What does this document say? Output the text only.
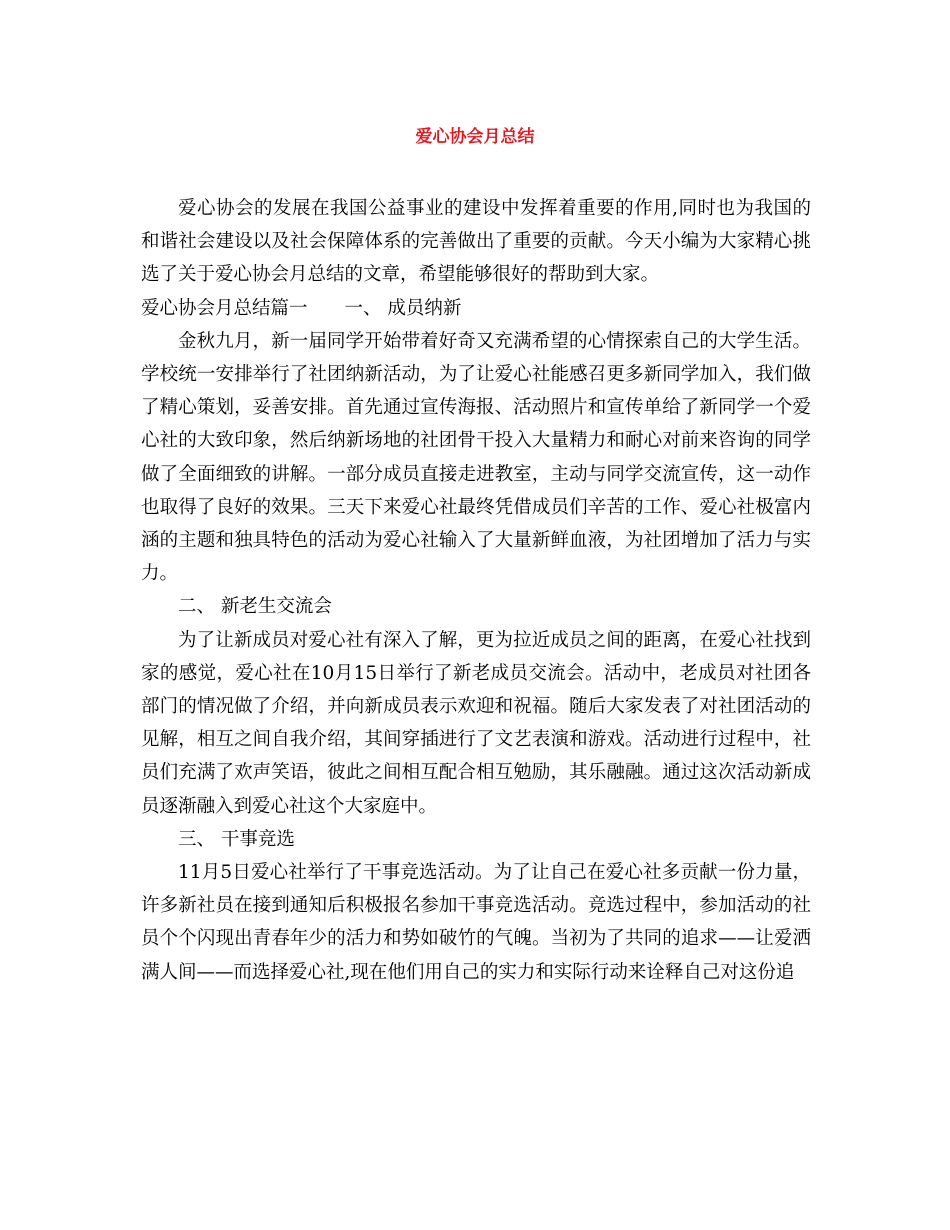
爱心协会月总结

爱心协会的发展在我国公益事业的建设中发挥着重要的作用,同时也为我国的和谐社会建设以及社会保障体系的完善做出了重要的贡献。今天小编为大家精心挑选了关于爱心协会月总结的文章，希望能够很好的帮助到大家。

爱心协会月总结篇一 一、 成员纳新

金秋九月，新一届同学开始带着好奇又充满希望的心情探索自己的大学生活。学校统一安排举行了社团纳新活动，为了让爱心社能感召更多新同学加入，我们做了精心策划，妥善安排。首先通过宣传海报、活动照片和宣传单给了新同学一个爱心社的大致印象，然后纳新场地的社团骨干投入大量精力和耐心对前来咨询的同学做了全面细致的讲解。一部分成员直接走进教室，主动与同学交流宣传，这一动作也取得了良好的效果。三天下来爱心社最终凭借成员们辛苦的工作、爱心社极富内涵的主题和独具特色的活动为爱心社输入了大量新鲜血液，为社团增加了活力与实力。

二、 新老生交流会

为了让新成员对爱心社有深入了解，更为拉近成员之间的距离，在爱心社找到家的感觉，爱心社在10月15日举行了新老成员交流会。活动中，老成员对社团各部门的情况做了介绍，并向新成员表示欢迎和祝福。随后大家发表了对社团活动的见解，相互之间自我介绍，其间穿插进行了文艺表演和游戏。活动进行过程中，社员们充满了欢声笑语，彼此之间相互配合相互勉励，其乐融融。通过这次活动新成员逐渐融入到爱心社这个大家庭中。

三、 干事竞选

11月5日爱心社举行了干事竞选活动。为了让自己在爱心社多贡献一份力量，许多新社员在接到通知后积极报名参加干事竞选活动。竞选过程中，参加活动的社员个个闪现出青春年少的活力和势如破竹的气魄。当初为了共同的追求——让爱洒满人间——而选择爱心社,现在他们用自己的实力和实际行动来诠释自己对这份追
